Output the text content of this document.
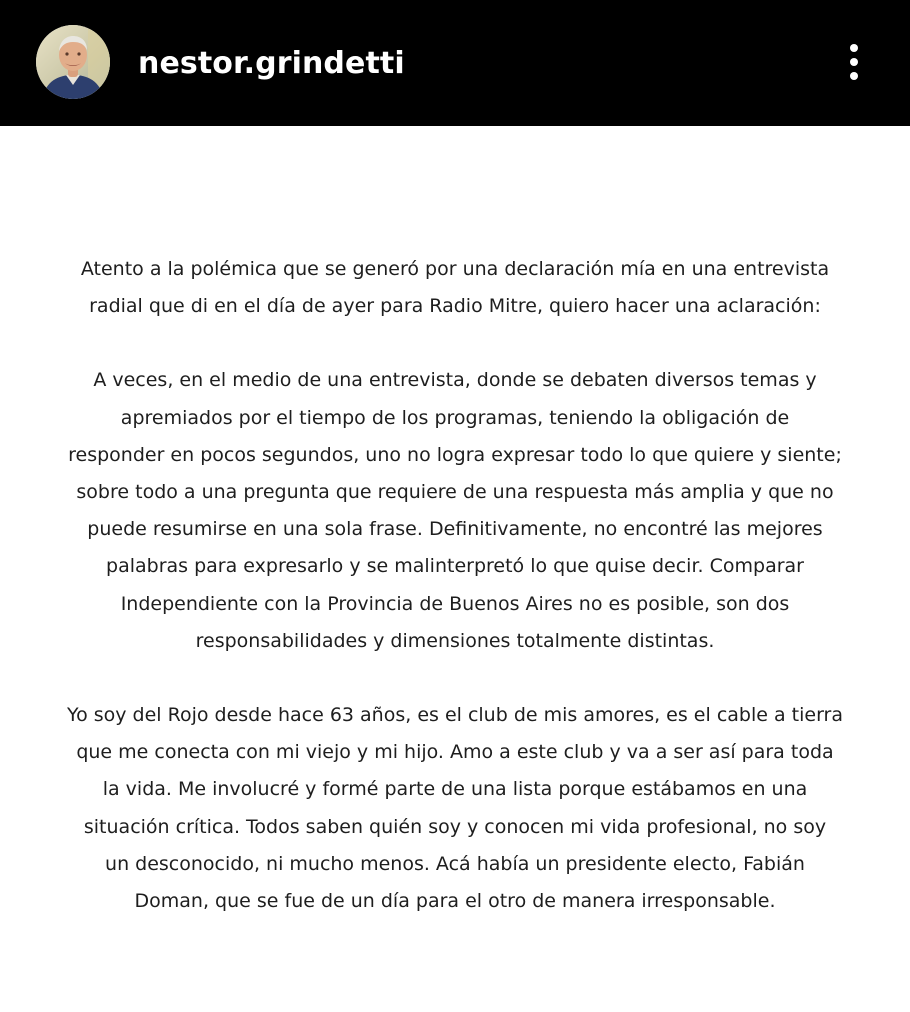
nestor.grindetti

Atento a la polémica que se generó por una declaración mía en una entrevista
radial que di en el día de ayer para Radio Mitre, quiero hacer una aclaración:

A veces, en el medio de una entrevista, donde se debaten diversos temas y
apremiados por el tiempo de los programas, teniendo la obligación de
responder en pocos segundos, uno no logra expresar todo lo que quiere y siente;
sobre todo a una pregunta que requiere de una respuesta más amplia y que no
puede resumirse en una sola frase. Definitivamente, no encontré las mejores
palabras para expresarlo y se malinterpretó lo que quise decir. Comparar
Independiente con la Provincia de Buenos Aires no es posible, son dos
responsabilidades y dimensiones totalmente distintas.

Yo soy del Rojo desde hace 63 años, es el club de mis amores, es el cable a tierra
que me conecta con mi viejo y mi hijo. Amo a este club y va a ser así para toda
la vida. Me involucré y formé parte de una lista porque estábamos en una
situación crítica. Todos saben quién soy y conocen mi vida profesional, no soy
un desconocido, ni mucho menos. Acá había un presidente electo, Fabián
Doman, que se fue de un día para el otro de manera irresponsable.
